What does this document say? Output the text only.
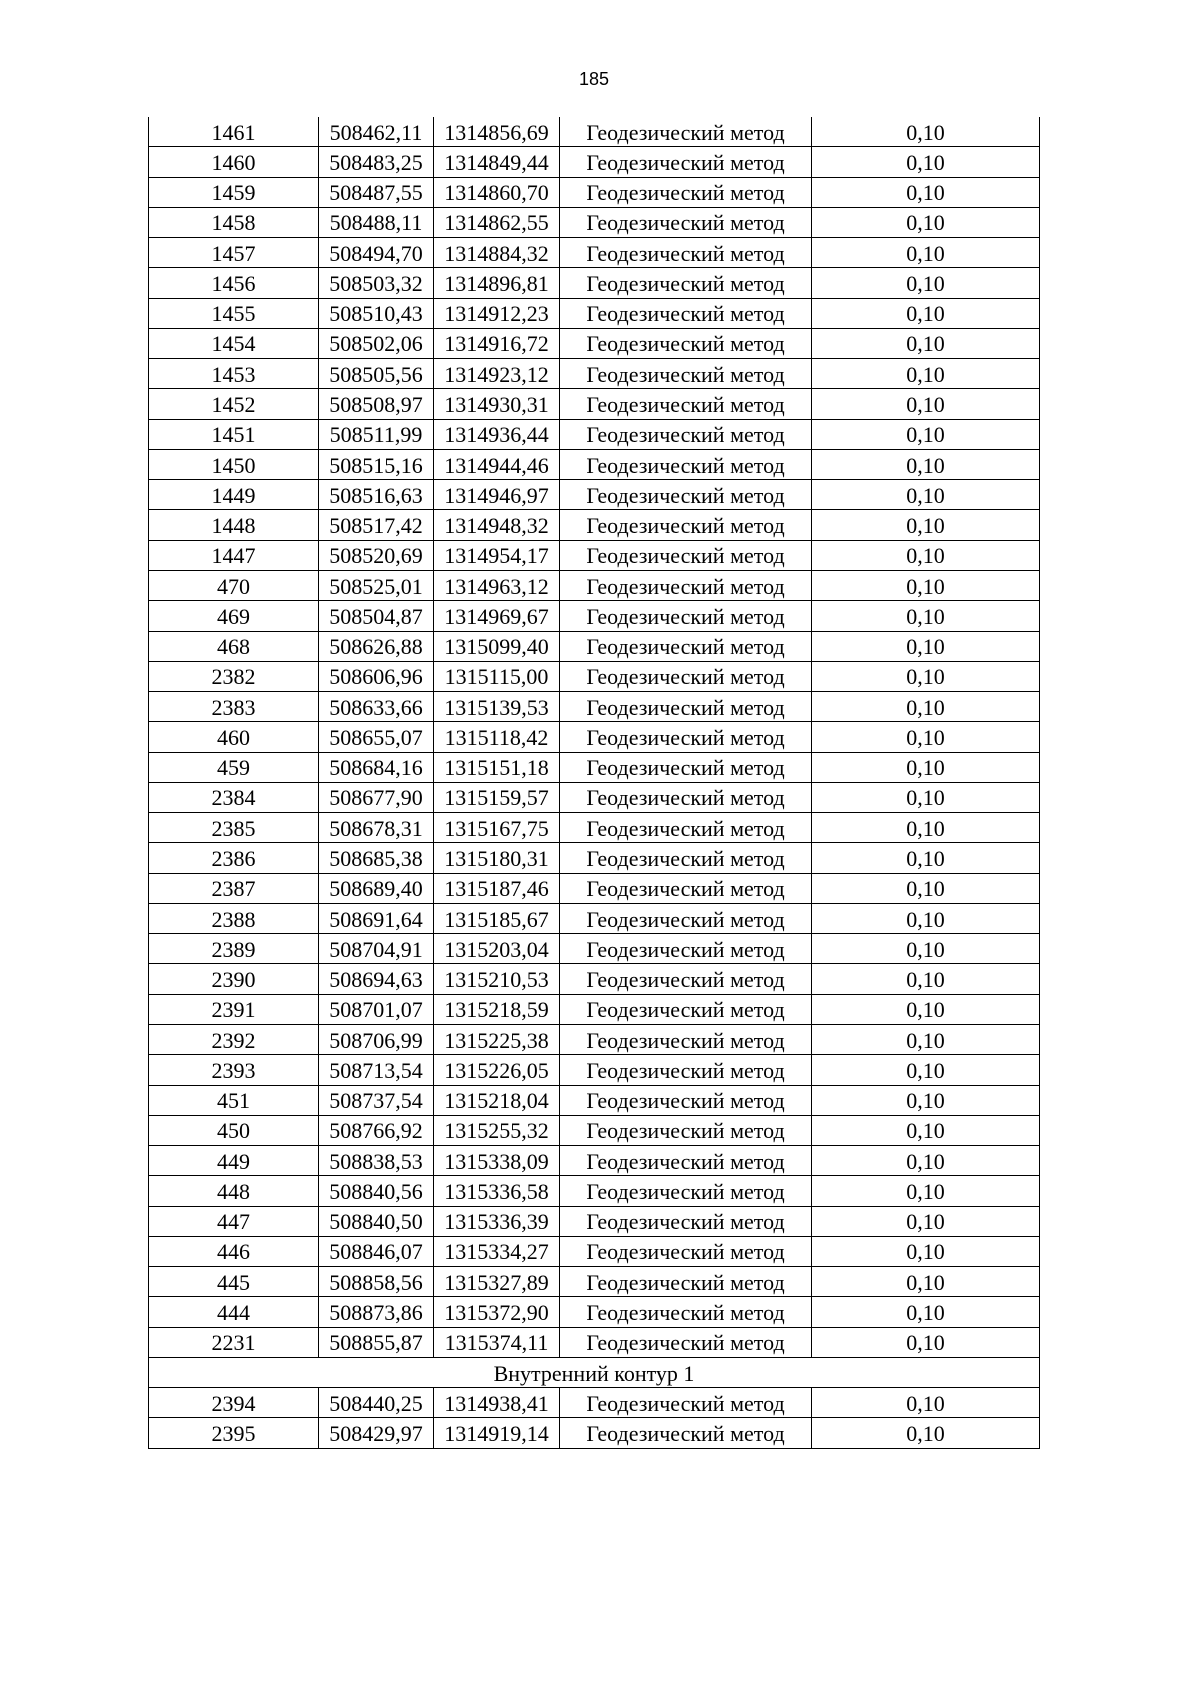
185
1461	508462,11 1314856,69	Геодезический метод	0,10
1460	508483,25 1314849,44	Геодезический метод	0,10
1459	508487,55 1314860,70	Геодезический метод	0,10
1458	508488,11 1314862,55	Геодезический метод	0,10
1457	508494,70 1314884,32	Геодезический метод	0,10
1456	508503,32 1314896,81	Геодезический метод	0,10
1455	508510,43 1314912,23	Геодезический метод	0,10
1454	508502,06 1314916,72	Геодезический метод	0,10
1453	508505,56 1314923,12	Геодезический метод	0,10
1452	508508,97 1314930,31	Геодезический метод	0,10
1451	508511,99 1314936,44	Геодезический метод	0,10
1450	508515,16 1314944,46	Геодезический метод	0,10
1449	508516,63 1314946,97	Геодезический метод	0,10
1448	508517,42 1314948,32	Геодезический метод	0,10
1447	508520,69 1314954,17	Геодезический метод	0,10
470	508525,01 1314963,12	Геодезический метод	0,10
469	508504,87 1314969,67	Геодезический метод	0,10
468	508626,88 1315099,40	Геодезический метод	0,10
2382	508606,96 1315115,00	Геодезический метод	0,10
2383	508633,66 1315139,53	Геодезический метод	0,10
460	508655,07 1315118,42	Геодезический метод	0,10
459	508684,16 1315151,18	Геодезический метод	0,10
2384	508677,90 1315159,57	Геодезический метод	0,10
2385	508678,31 1315167,75	Геодезический метод	0,10
2386	508685,38 1315180,31	Геодезический метод	0,10
2387	508689,40 1315187,46	Геодезический метод	0,10
2388	508691,64 1315185,67	Геодезический метод	0,10
2389	508704,91 1315203,04	Геодезический метод	0,10
2390	508694,63 1315210,53	Геодезический метод	0,10
2391	508701,07 1315218,59	Геодезический метод	0,10
2392	508706,99 1315225,38	Геодезический метод	0,10
2393	508713,54 1315226,05	Геодезический метод	0,10
451	508737,54 1315218,04	Геодезический метод	0,10
450	508766,92 1315255,32	Геодезический метод	0,10
449	508838,53 1315338,09	Геодезический метод	0,10
448	508840,56 1315336,58	Геодезический метод	0,10
447	508840,50 1315336,39	Геодезический метод	0,10
446	508846,07 1315334,27	Геодезический метод	0,10
445	508858,56 1315327,89	Геодезический метод	0,10
444	508873,86 1315372,90	Геодезический метод	0,10
2231	508855,87 1315374,11	Геодезический метод	0,10
Внутренний контур 1
2394	508440,25 1314938,41	Геодезический метод	0,10
2395	508429,97 1314919,14	Геодезический метод	0,10
